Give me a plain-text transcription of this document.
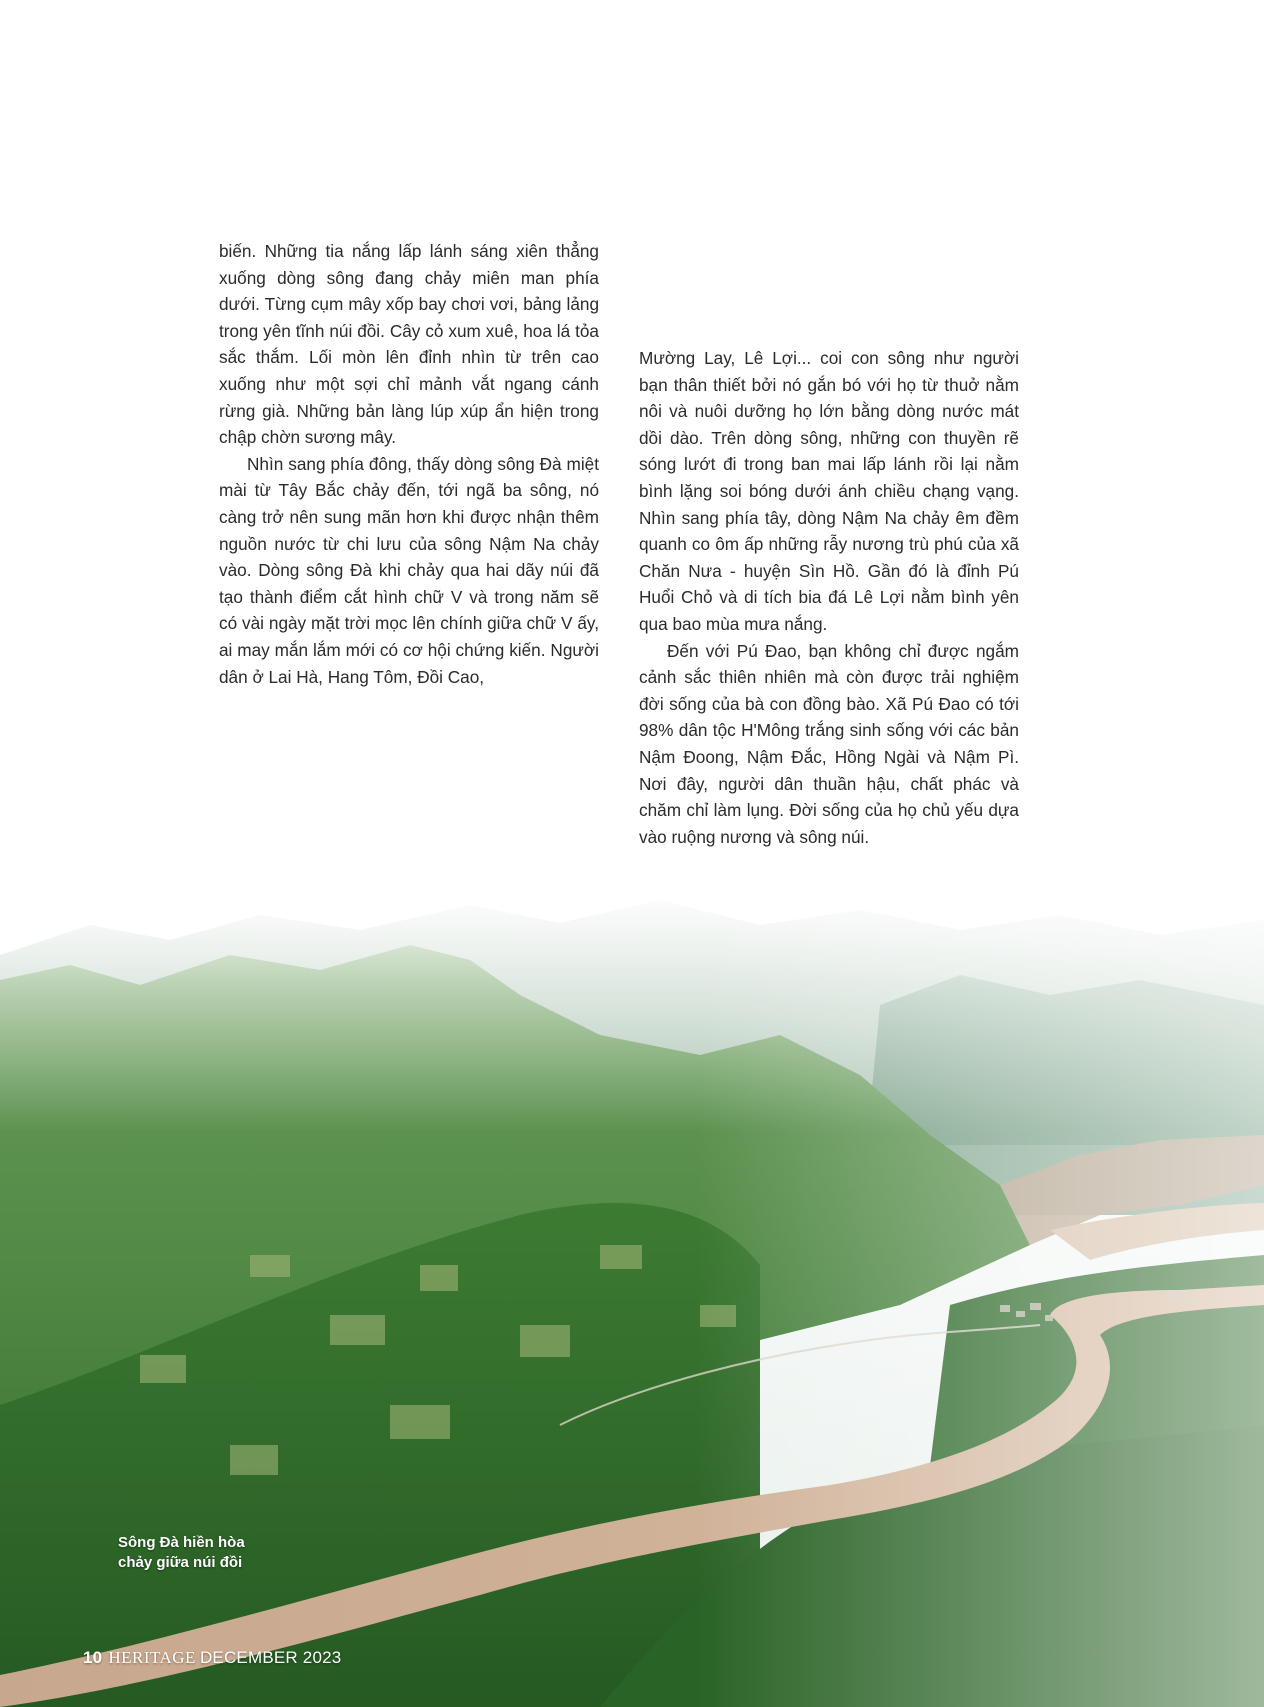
biến. Những tia nắng lấp lánh sáng xiên thẳng xuống dòng sông đang chảy miên man phía dưới. Từng cụm mây xốp bay chơi vơi, bảng lảng trong yên tĩnh núi đồi. Cây cỏ xum xuê, hoa lá tỏa sắc thắm. Lối mòn lên đỉnh nhìn từ trên cao xuống như một sợi chỉ mảnh vắt ngang cánh rừng già. Những bản làng lúp xúp ẩn hiện trong chập chờn sương mây.

Nhìn sang phía đông, thấy dòng sông Đà miệt mài từ Tây Bắc chảy đến, tới ngã ba sông, nó càng trở nên sung mãn hơn khi được nhận thêm nguồn nước từ chi lưu của sông Nậm Na chảy vào. Dòng sông Đà khi chảy qua hai dãy núi đã tạo thành điểm cắt hình chữ V và trong năm sẽ có vài ngày mặt trời mọc lên chính giữa chữ V ấy, ai may mắn lắm mới có cơ hội chứng kiến. Người dân ở Lai Hà, Hang Tôm, Đồi Cao,

Mường Lay, Lê Lợi... coi con sông như người bạn thân thiết bởi nó gắn bó với họ từ thuở nằm nôi và nuôi dưỡng họ lớn bằng dòng nước mát dồi dào. Trên dòng sông, những con thuyền rẽ sóng lướt đi trong ban mai lấp lánh rồi lại nằm bình lặng soi bóng dưới ánh chiều chạng vạng. Nhìn sang phía tây, dòng Nậm Na chảy êm đềm quanh co ôm ấp những rẫy nương trù phú của xã Chăn Nưa - huyện Sìn Hồ. Gần đó là đỉnh Pú Huổi Chỏ và di tích bia đá Lê Lợi nằm bình yên qua bao mùa mưa nắng.

Đến với Pú Đao, bạn không chỉ được ngắm cảnh sắc thiên nhiên mà còn được trải nghiệm đời sống của bà con đồng bào. Xã Pú Đao có tới 98% dân tộc H'Mông trắng sinh sống với các bản Nậm Đoong, Nậm Đắc, Hồng Ngài và Nậm Pì. Nơi đây, người dân thuần hậu, chất phác và chăm chỉ làm lụng. Đời sống của họ chủ yếu dựa vào ruộng nương và sông núi.

Sông Đà hiền hòa
chảy giữa núi đồi
10 HERITAGE DECEMBER 2023
